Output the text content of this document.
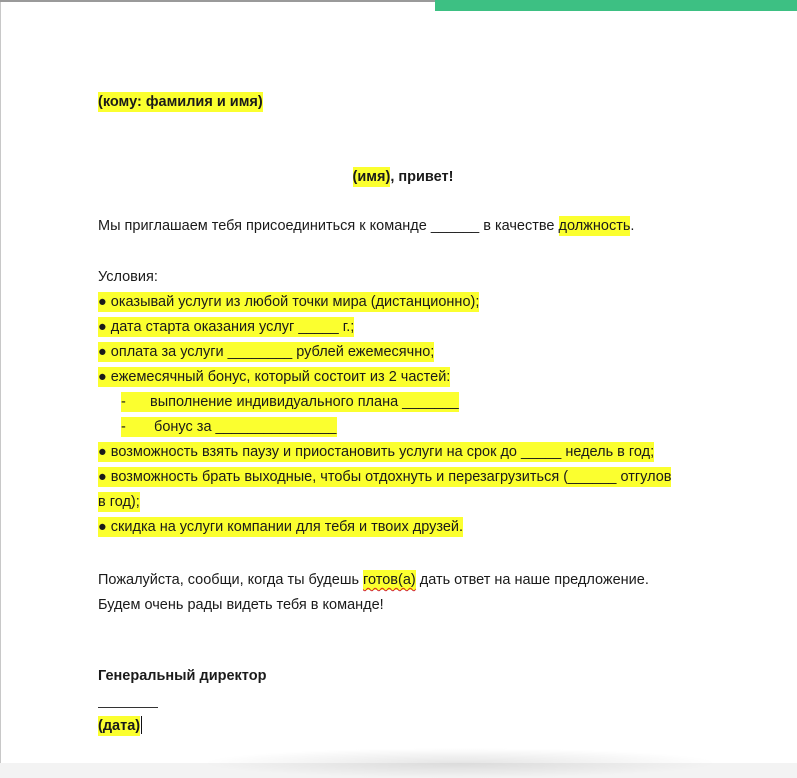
(кому: фамилия и имя)
(имя), привет!
Мы приглашаем тебя присоединиться к команде ______ в качестве должность.
Условия:
● оказывай услуги из любой точки мира (дистанционно);
● дата старта оказания услуг _____ г.;
● оплата за услуги ________ рублей ежемесячно;
● ежемесячный бонус, который состоит из 2 частей:
- выполнение индивидуального плана _______
- бонус за _______________
● возможность взять паузу и приостановить услуги на срок до _____ недель в год;
● возможность брать выходные, чтобы отдохнуть и перезагрузиться (______ отгулов
в год);
● скидка на услуги компании для тебя и твоих друзей.
Пожалуйста, сообщи, когда ты будешь готов(а) дать ответ на наше предложение.
Будем очень рады видеть тебя в команде!
Генеральный директор
(дата)
